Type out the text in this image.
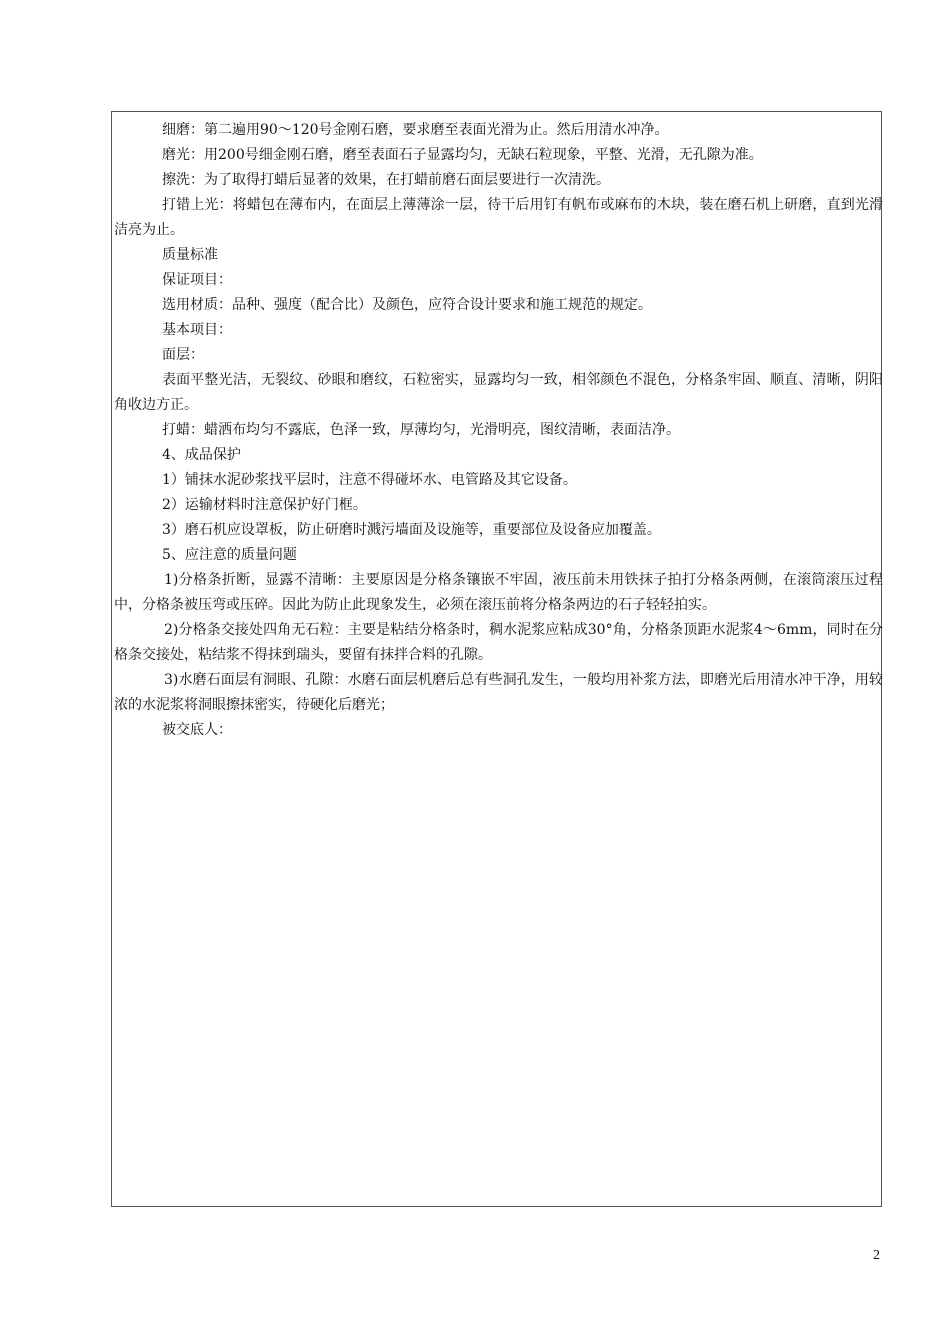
细磨：第二遍用90～120号金刚石磨，要求磨至表面光滑为止。然后用清水冲净。

磨光：用200号细金刚石磨，磨至表面石子显露均匀，无缺石粒现象，平整、光滑，无孔隙为准。

擦洗：为了取得打蜡后显著的效果，在打蜡前磨石面层要进行一次清洗。

打错上光：将蜡包在薄布内，在面层上薄薄涂一层，待干后用钉有帆布或麻布的木块，装在磨石机上研磨，直到光滑洁亮为止。

质量标准

保证项目：

选用材质：品种、强度（配合比）及颜色，应符合设计要求和施工规范的规定。

基本项目：

面层：

表面平整光洁，无裂纹、砂眼和磨纹，石粒密实，显露均匀一致，相邻颜色不混色，分格条牢固、顺直、清晰，阴阳角收边方正。

打蜡：蜡洒布均匀不露底，色泽一致，厚薄均匀，光滑明亮，图纹清晰，表面洁净。

4、成品保护

1）铺抹水泥砂浆找平层时，注意不得碰坏水、电管路及其它设备。

2）运输材料时注意保护好门框。

3）磨石机应设罩板，防止研磨时溅污墙面及设施等，重要部位及设备应加覆盖。

5、应注意的质量问题

1)分格条折断，显露不清晰：主要原因是分格条镶嵌不牢固，液压前未用铁抹子拍打分格条两侧，在滚筒滚压过程中，分格条被压弯或压碎。因此为防止此现象发生，必须在滚压前将分格条两边的石子轻轻拍实。

2)分格条交接处四角无石粒：主要是粘结分格条时，稠水泥浆应粘成30°角，分格条顶距水泥浆4～6mm，同时在分格条交接处，粘结浆不得抹到瑞头，要留有抹拌合料的孔隙。

3)水磨石面层有洞眼、孔隙：水磨石面层机磨后总有些洞孔发生，一般均用补浆方法，即磨光后用清水冲干净，用较浓的水泥浆将洞眼擦抹密实，待硬化后磨光；

被交底人：

2
